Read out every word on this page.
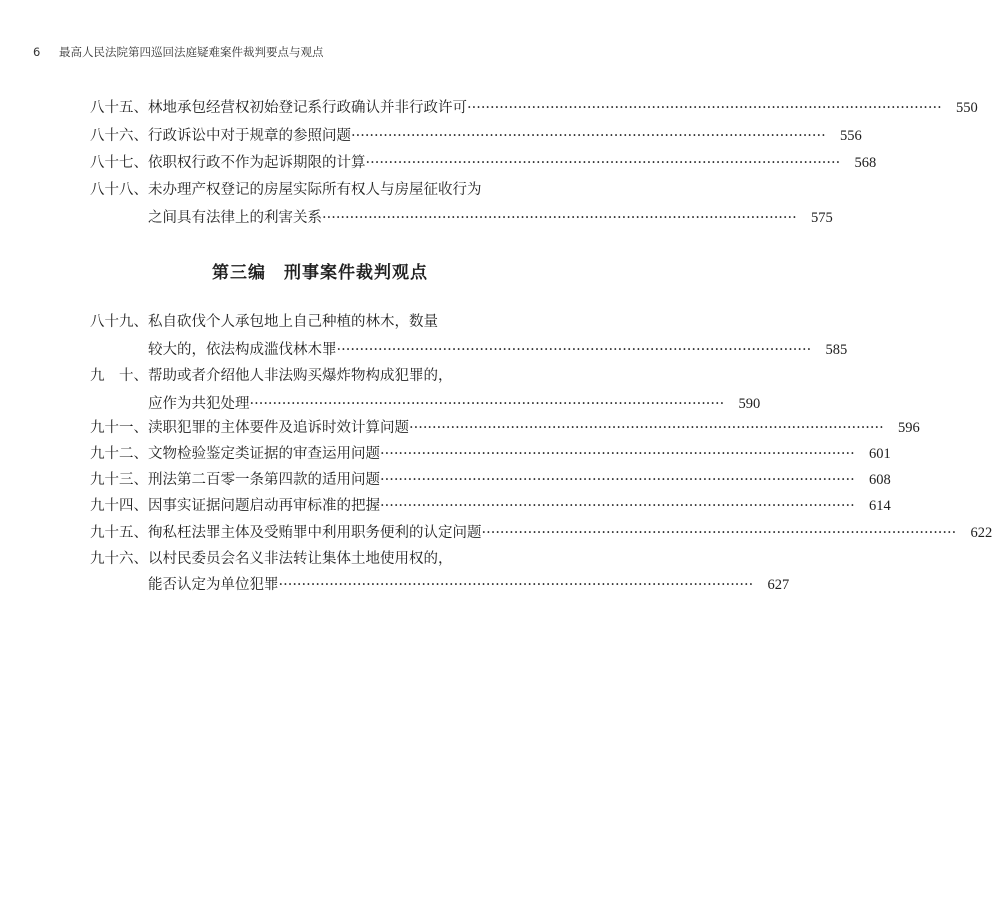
6 最高人民法院第四巡回法庭疑难案件裁判要点与观点
八十五、 林地承包经营权初始登记系行政确认并非行政许可 ·····	550
八十六、 行政诉讼中对于规章的参照问题 ·····	556
八十七、 依职权行政不作为起诉期限的计算 ·····	568
八十八、未办理产权登记的房屋实际所有权人与房屋征收行为
之间具有法律上的利害关系 ·····	575
第三编 刑事案件裁判观点
八十九、私自砍伐个人承包地上自己种植的林木，数量
较大的，依法构成滥伐林木罪 ·····	585
九　十、帮助或者介绍他人非法购买爆炸物构成犯罪的，
应作为共犯处理 ·····	590
九十一、 渎职犯罪的主体要件及追诉时效计算问题 ·····	596
九十二、 文物检验鉴定类证据的审查运用问题 ·····	601
九十三、 刑法第二百零一条第四款的适用问题 ·····	608
九十四、 因事实证据问题启动再审标准的把握 ·····	614
九十五、 徇私枉法罪主体及受贿罪中利用职务便利的认定问题 ·····	622
九十六、以村民委员会名义非法转让集体土地使用权的，
能否认定为单位犯罪 ·····	627
